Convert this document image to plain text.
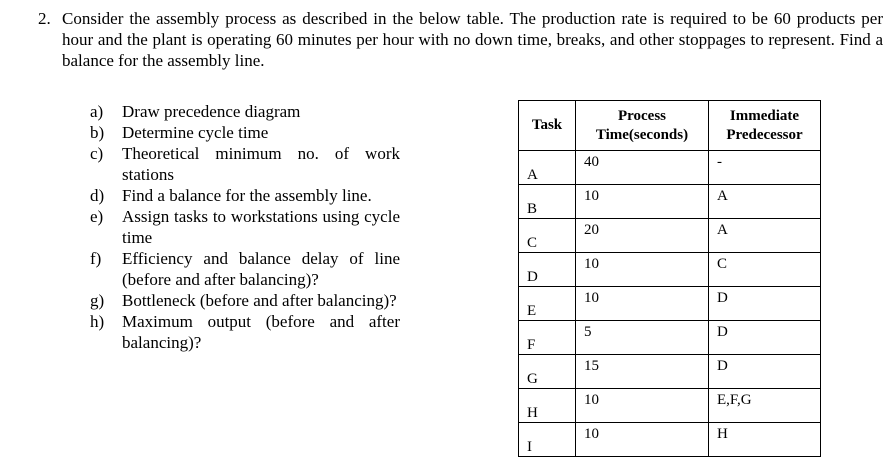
2. Consider the assembly process as described in the below table. The production rate is required to be 60 products per hour and the plant is operating 60 minutes per hour with no down time, breaks, and other stoppages to represent. Find a balance for the assembly line.
a) Draw precedence diagram
b) Determine cycle time
c) Theoretical minimum no. of work stations
d) Find a balance for the assembly line.
e) Assign tasks to workstations using cycle time
f) Efficiency and balance delay of line (before and after balancing)?
g) Bottleneck (before and after balancing)?
h) Maximum output (before and after balancing)?
Task	Process Time(seconds)	Immediate Predecessor
A	40	-
B	10	A
C	20	A
D	10	C
E	10	D
F	5	D
G	15	D
H	10	E,F,G
I	10	H
